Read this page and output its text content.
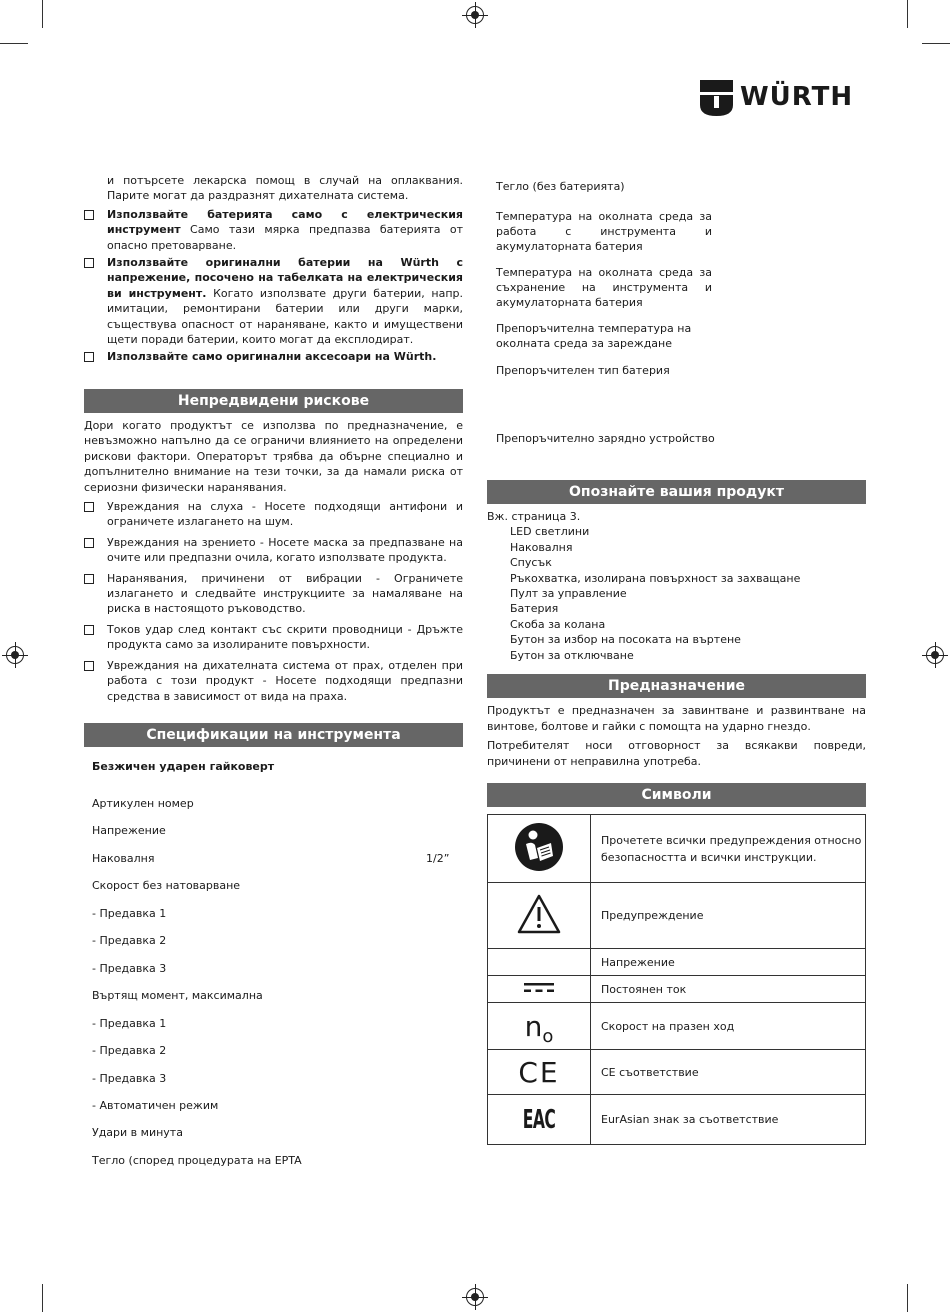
WÜRTH
и потърсете лекарска помощ в случай на оплаквания. Парите могат да раздразнят дихателната система.
Използвайте батерията само с електрическия инструмент Само тази мярка предпазва батерията от опасно претоварване.
Използвайте оригинални батерии на Würth с напрежение, посочено на табелката на електрическия ви инструмент. Когато използвате други батерии, напр. имитации, ремонтирани батерии или други марки, съществува опасност от нараняване, както и имуществени щети поради батерии, които могат да експлодират.
Използвайте само оригинални аксесоари на Würth.
Непредвидени рискове
Дори когато продуктът се използва по предназначение, е невъзможно напълно да се ограничи влиянието на определени рискови фактори. Операторът трябва да обърне специално и допълнително внимание на тези точки, за да намали риска от сериозни физически наранявания.
Увреждания на слуха - Носете подходящи антифони и ограничете излагането на шум.
Увреждания на зрението - Носете маска за предпазване на очите или предпазни очила, когато използвате продукта.
Наранявания, причинени от вибрации - Ограничете излагането и следвайте инструкциите за намаляване на риска в настоящото ръководство.
Токов удар след контакт със скрити проводници - Дръжте продукта само за изолираните повърхности.
Увреждания на дихателната система от прах, отделен при работа с този продукт - Носете подходящи предпазни средства в зависимост от вида на праха.
Спецификации на инструмента
Безжичен ударен гайковерт
Артикулен номер
Напрежение
Наковалня	1/2”
Скорост без натоварване
- Предавка 1
- Предавка 2
- Предавка 3
Въртящ момент, максимална
- Предавка 1
- Предавка 2
- Предавка 3
- Автоматичен режим
Удари в минута
Тегло (според процедурата на EPTA
Тегло (без батерията)
Температура на околната среда за работа с инструмента и акумулаторната батерия
Температура на околната среда за съхранение на инструмента и акумулаторната батерия
Препоръчителна температура на околната среда за зареждане
Препоръчителен тип батерия
Препоръчително зарядно устройство
Опознайте вашия продукт
Вж. страница 3.
LED светлини
Наковалня
Спусък
Ръкохватка, изолирана повърхност за захващане
Пулт за управление
Батерия
Скоба за колана
Бутон за избор на посоката на въртене
Бутон за отключване
Предназначение
Продуктът е предназначен за завинтване и развинтване на винтове, болтове и гайки с помощта на ударно гнездо.
Потребителят носи отговорност за всякакви повреди, причинени от неправилна употреба.
Символи
	Прочетете всички предупреждения относно безопасността и всички инструкции.
	Предупреждение
	Напрежение
	Постоянен ток
no	Скорост на празен ход
CE	CE съответствие
EAC	EurAsian знак за съответствие
